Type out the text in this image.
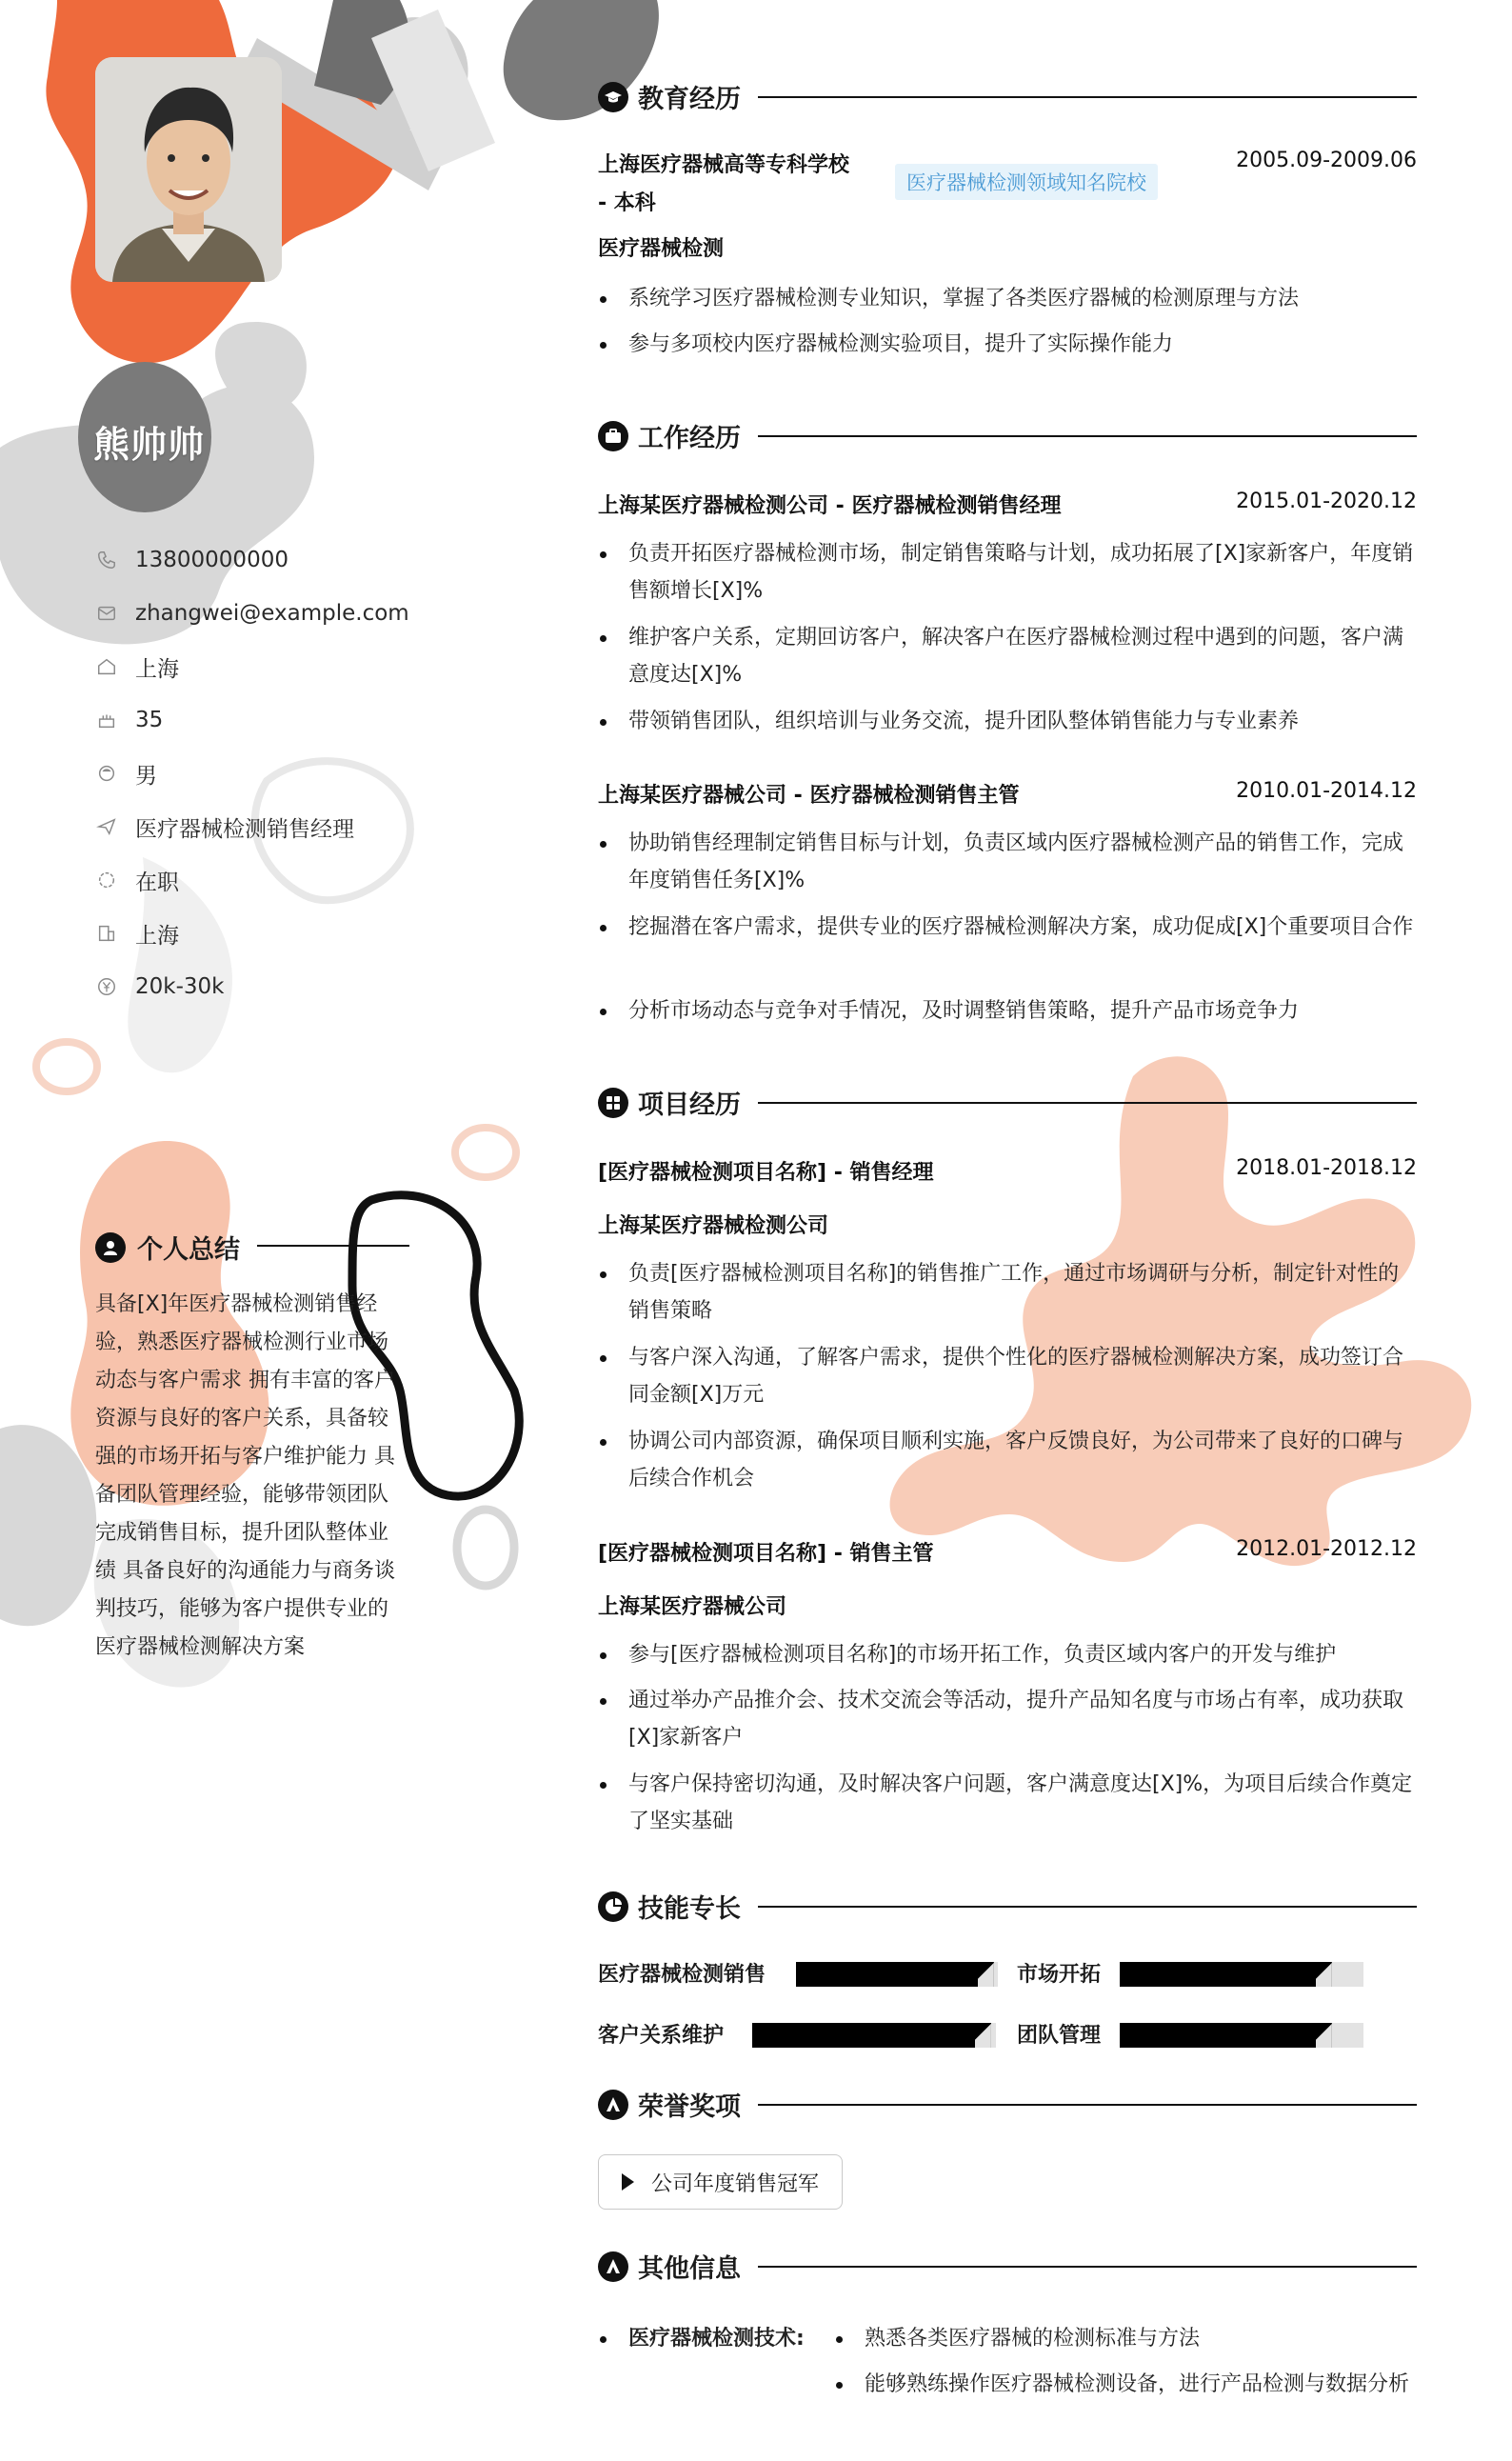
熊帅帅
13800000000
zhangwei@example.com
上海
35
男
医疗器械检测销售经理
在职
上海
20k-30k
个人总结
具备[X]年医疗器械检测销售经验，熟悉医疗器械检测行业市场动态与客户需求 拥有丰富的客户资源与良好的客户关系，具备较强的市场开拓与客户维护能力 具备团队管理经验，能够带领团队完成销售目标，提升团队整体业绩 具备良好的沟通能力与商务谈判技巧，能够为客户提供专业的医疗器械检测解决方案
教育经历
上海医疗器械高等专科学校
- 本科
医疗器械检测领域知名院校
2005.09-2009.06
医疗器械检测
系统学习医疗器械检测专业知识，掌握了各类医疗器械的检测原理与方法
参与多项校内医疗器械检测实验项目，提升了实际操作能力
工作经历
上海某医疗器械检测公司 - 医疗器械检测销售经理	2015.01-2020.12
负责开拓医疗器械检测市场，制定销售策略与计划，成功拓展了[X]家新客户，年度销售额增长[X]%
维护客户关系，定期回访客户，解决客户在医疗器械检测过程中遇到的问题，客户满意度达[X]%
带领销售团队，组织培训与业务交流，提升团队整体销售能力与专业素养
上海某医疗器械公司 - 医疗器械检测销售主管	2010.01-2014.12
协助销售经理制定销售目标与计划，负责区域内医疗器械检测产品的销售工作，完成年度销售任务[X]%
挖掘潜在客户需求，提供专业的医疗器械检测解决方案，成功促成[X]个重要项目合作
分析市场动态与竞争对手情况，及时调整销售策略，提升产品市场竞争力
项目经历
[医疗器械检测项目名称] - 销售经理	2018.01-2018.12
上海某医疗器械检测公司
负责[医疗器械检测项目名称]的销售推广工作，通过市场调研与分析，制定针对性的销售策略
与客户深入沟通，了解客户需求，提供个性化的医疗器械检测解决方案，成功签订合同金额[X]万元
协调公司内部资源，确保项目顺利实施，客户反馈良好，为公司带来了良好的口碑与后续合作机会
[医疗器械检测项目名称] - 销售主管	2012.01-2012.12
上海某医疗器械公司
参与[医疗器械检测项目名称]的市场开拓工作，负责区域内客户的开发与维护
通过举办产品推介会、技术交流会等活动，提升产品知名度与市场占有率，成功获取[X]家新客户
与客户保持密切沟通，及时解决客户问题，客户满意度达[X]%，为项目后续合作奠定了坚实基础
技能专长
医疗器械检测销售	市场开拓
客户关系维护	团队管理
荣誉奖项
公司年度销售冠军
其他信息
医疗器械检测技术:	熟悉各类医疗器械的检测标准与方法
能够熟练操作医疗器械检测设备，进行产品检测与数据分析
